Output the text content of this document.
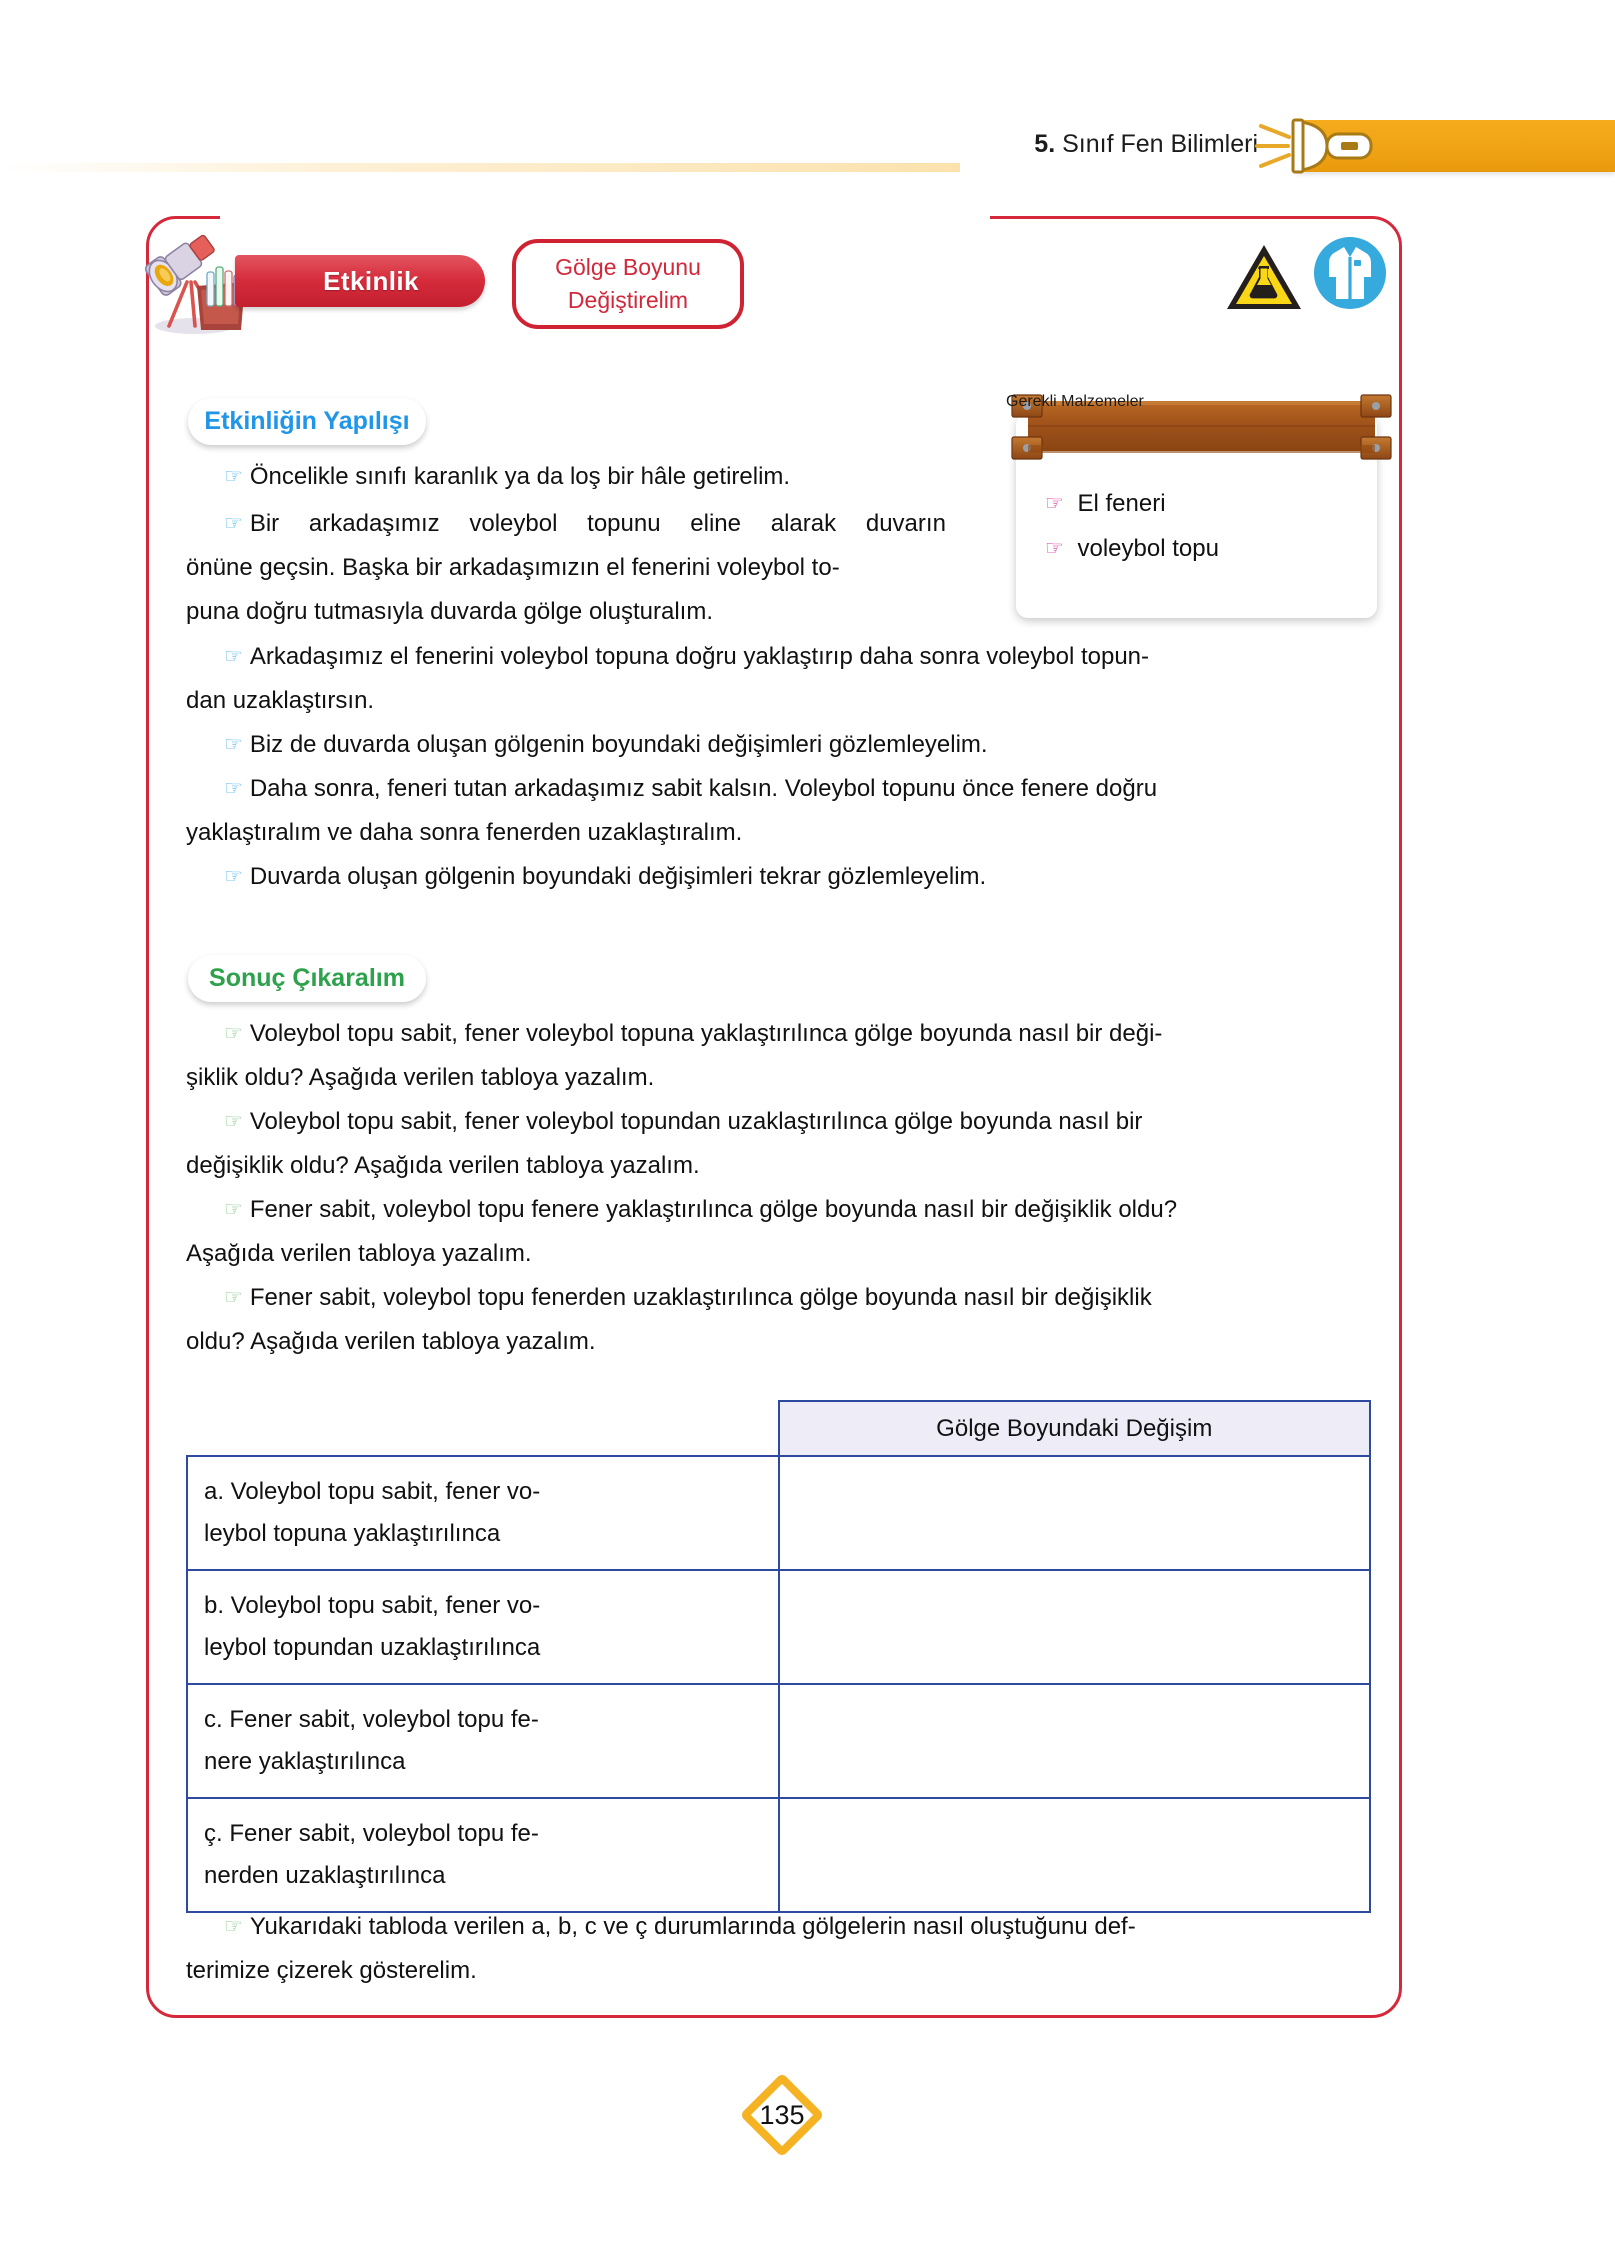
5. Sınıf Fen Bilimleri
Etkinlik	Gölge Boyunu
Değiştirelim
Etkinliğin Yapılışı
☞ Öncelikle sınıfı karanlık ya da loş bir hâle getirelim.
☞ Bir arkadaşımız voleybol topunu eline alarak duvarın
önüne geçsin. Başka bir arkadaşımızın el fenerini voleybol to-
puna doğru tutmasıyla duvarda gölge oluşturalım.
☞ Arkadaşımız el fenerini voleybol topuna doğru yaklaştırıp daha sonra voleybol topun-
dan uzaklaştırsın.
☞ Biz de duvarda oluşan gölgenin boyundaki değişimleri gözlemleyelim.
☞ Daha sonra, feneri tutan arkadaşımız sabit kalsın. Voleybol topunu önce fenere doğru
yaklaştıralım ve daha sonra fenerden uzaklaştıralım.
☞ Duvarda oluşan gölgenin boyundaki değişimleri tekrar gözlemleyelim.
Gerekli Malzemeler
☞ El feneri
☞ voleybol topu
Sonuç Çıkaralım
☞ Voleybol topu sabit, fener voleybol topuna yaklaştırılınca gölge boyunda nasıl bir deği-
şiklik oldu? Aşağıda verilen tabloya yazalım.
☞ Voleybol topu sabit, fener voleybol topundan uzaklaştırılınca gölge boyunda nasıl bir
değişiklik oldu? Aşağıda verilen tabloya yazalım.
☞ Fener sabit, voleybol topu fenere yaklaştırılınca gölge boyunda nasıl bir değişiklik oldu?
Aşağıda verilen tabloya yazalım.
☞ Fener sabit, voleybol topu fenerden uzaklaştırılınca gölge boyunda nasıl bir değişiklik
oldu? Aşağıda verilen tabloya yazalım.
	Gölge Boyundaki Değişim
a. Voleybol topu sabit, fener vo-
leybol topuna yaklaştırılınca	
b. Voleybol topu sabit, fener vo-
leybol topundan uzaklaştırılınca	
c. Fener sabit, voleybol topu fe-
nere yaklaştırılınca	
ç. Fener sabit, voleybol topu fe-
nerden uzaklaştırılınca	
☞ Yukarıdaki tabloda verilen a, b, c ve ç durumlarında gölgelerin nasıl oluştuğunu def-
terimize çizerek gösterelim.
135
